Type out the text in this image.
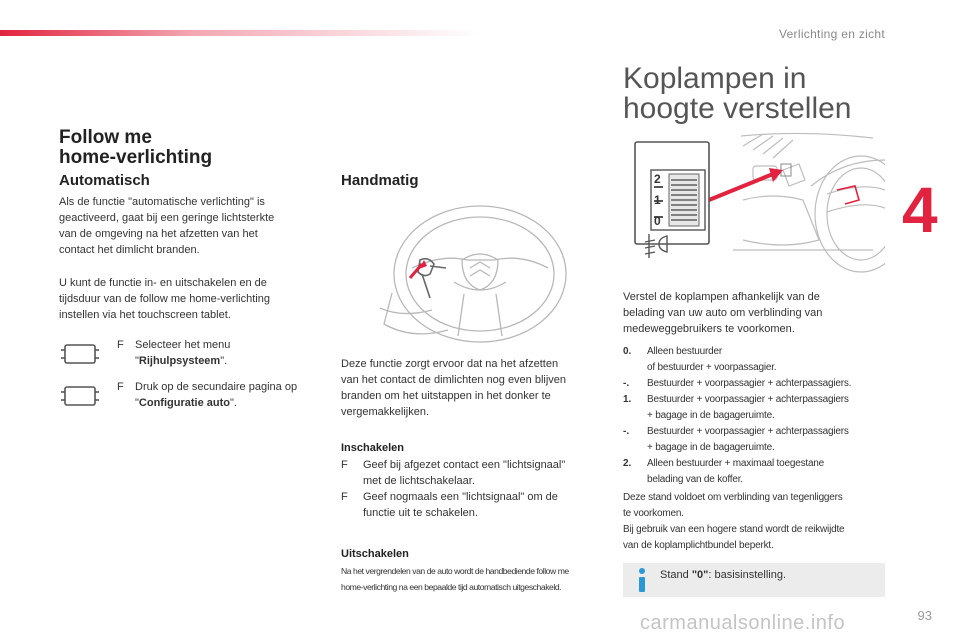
Verlichting en zicht
4
Follow me
home-verlichting
Automatisch
Als de functie "automatische verlichting" is
geactiveerd, gaat bij een geringe lichtsterkte
van de omgeving na het afzetten van het
contact het dimlicht branden.
U kunt de functie in- en uitschakelen en de
tijdsduur van de follow me home-verlichting
instellen via het touchscreen tablet.
F Selecteer het menu
"Rijhulpsysteem".
F Druk op de secundaire pagina op
"Configuratie auto".
Handmatig
Deze functie zorgt ervoor dat na het afzetten
van het contact de dimlichten nog even blijven
branden om het uitstappen in het donker te
vergemakkelijken.
Inschakelen
F Geef bij afgezet contact een "lichtsignaal"
met de lichtschakelaar.
F Geef nogmaals een "lichtsignaal" om de
functie uit te schakelen.
Uitschakelen
Na het vergrendelen van de auto wordt de handbediende follow me
home-verlichting na een bepaalde tijd automatisch uitgeschakeld.
Koplampen in
hoogte verstellen
2
1
0
Verstel de koplampen afhankelijk van de
belading van uw auto om verblinding van
medeweggebruikers te voorkomen.
0. Alleen bestuurder
of bestuurder + voorpassagier.
-. Bestuurder + voorpassagier + achterpassagiers.
1. Bestuurder + voorpassagier + achterpassagiers
+ bagage in de bagageruimte.
-. Bestuurder + voorpassagier + achterpassagiers
+ bagage in de bagageruimte.
2. Alleen bestuurder + maximaal toegestane
belading van de koffer.
Deze stand voldoet om verblinding van tegenliggers
te voorkomen.
Bij gebruik van een hogere stand wordt de reikwijdte
van de koplamplichtbundel beperkt.
Stand "0": basisinstelling.
carmanualsonline.info	93
